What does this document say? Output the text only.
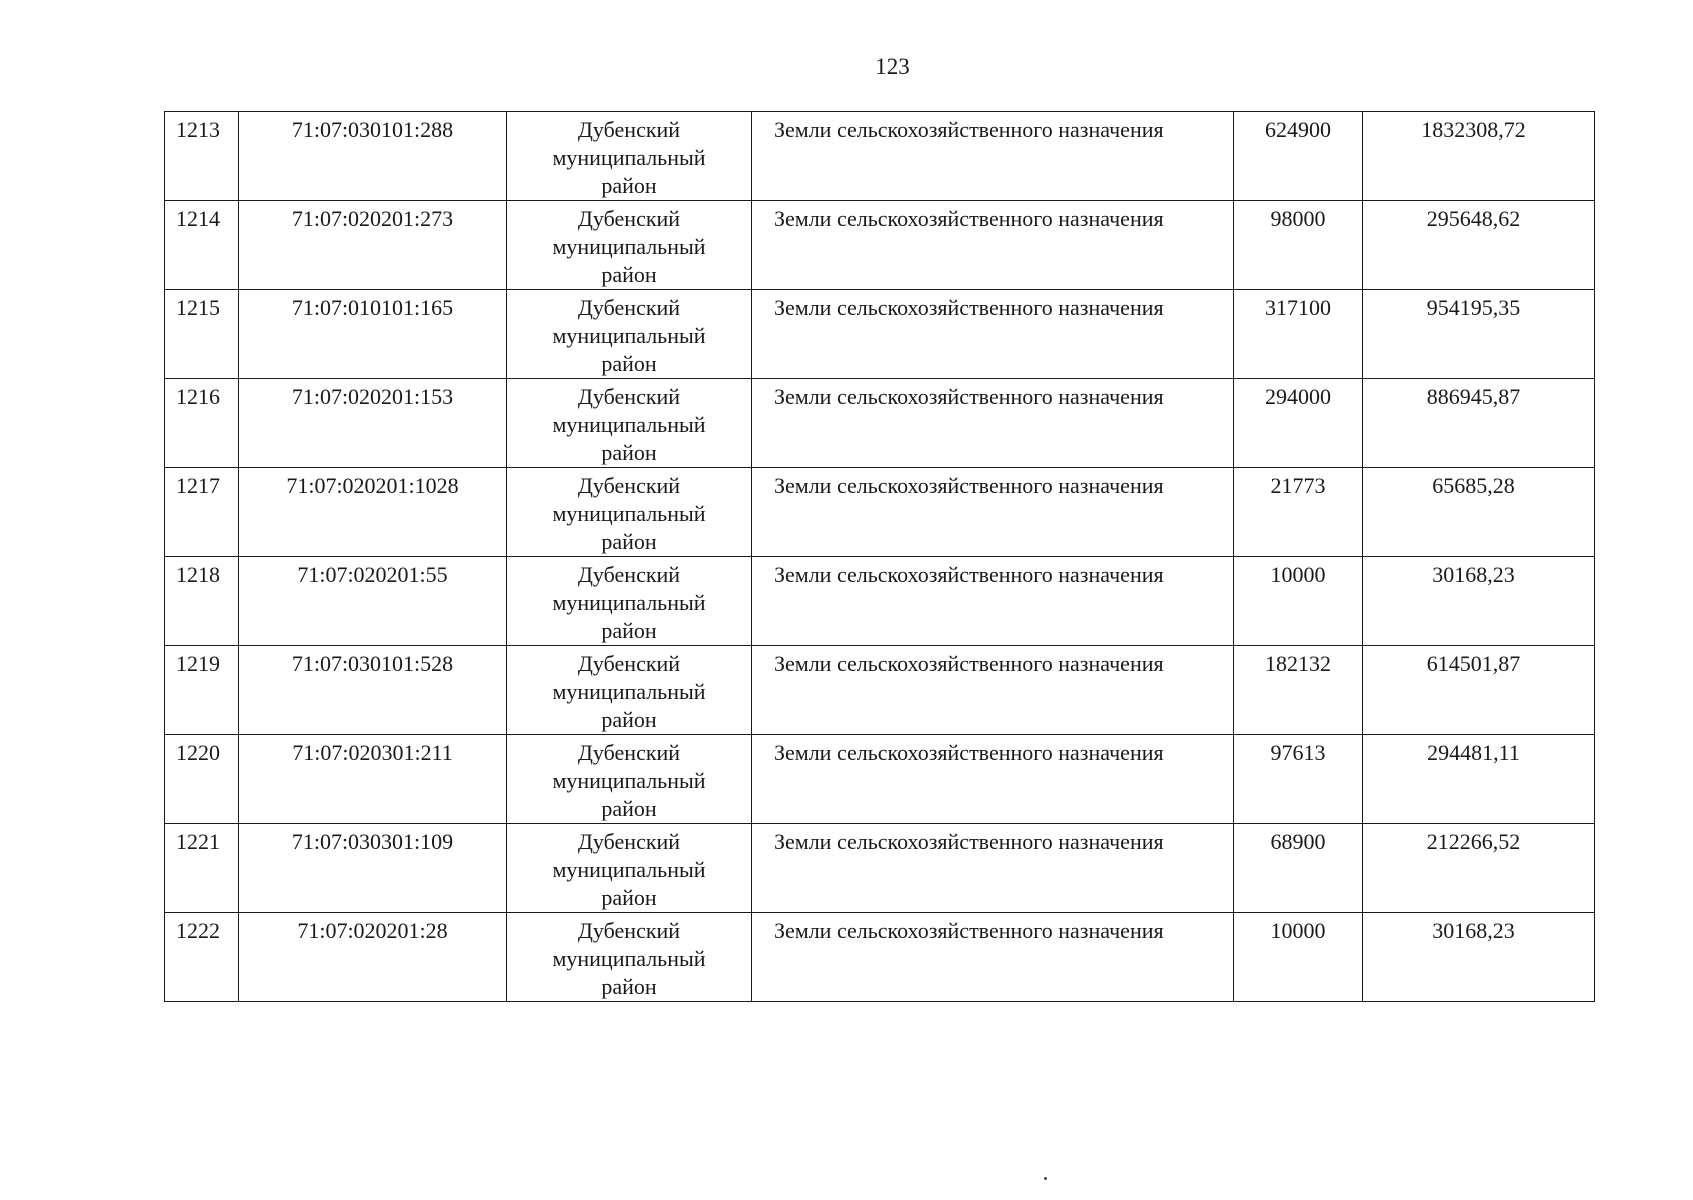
123
1213	71:07:030101:288	Дубенский
муниципальный
район	Земли сельскохозяйственного назначения	624900	1832308,72
1214	71:07:020201:273	Дубенский
муниципальный
район	Земли сельскохозяйственного назначения	98000	295648,62
1215	71:07:010101:165	Дубенский
муниципальный
район	Земли сельскохозяйственного назначения	317100	954195,35
1216	71:07:020201:153	Дубенский
муниципальный
район	Земли сельскохозяйственного назначения	294000	886945,87
1217	71:07:020201:1028	Дубенский
муниципальный
район	Земли сельскохозяйственного назначения	21773	65685,28
1218	71:07:020201:55	Дубенский
муниципальный
район	Земли сельскохозяйственного назначения	10000	30168,23
1219	71:07:030101:528	Дубенский
муниципальный
район	Земли сельскохозяйственного назначения	182132	614501,87
1220	71:07:020301:211	Дубенский
муниципальный
район	Земли сельскохозяйственного назначения	97613	294481,11
1221	71:07:030301:109	Дубенский
муниципальный
район	Земли сельскохозяйственного назначения	68900	212266,52
1222	71:07:020201:28	Дубенский
муниципальный
район	Земли сельскохозяйственного назначения	10000	30168,23
